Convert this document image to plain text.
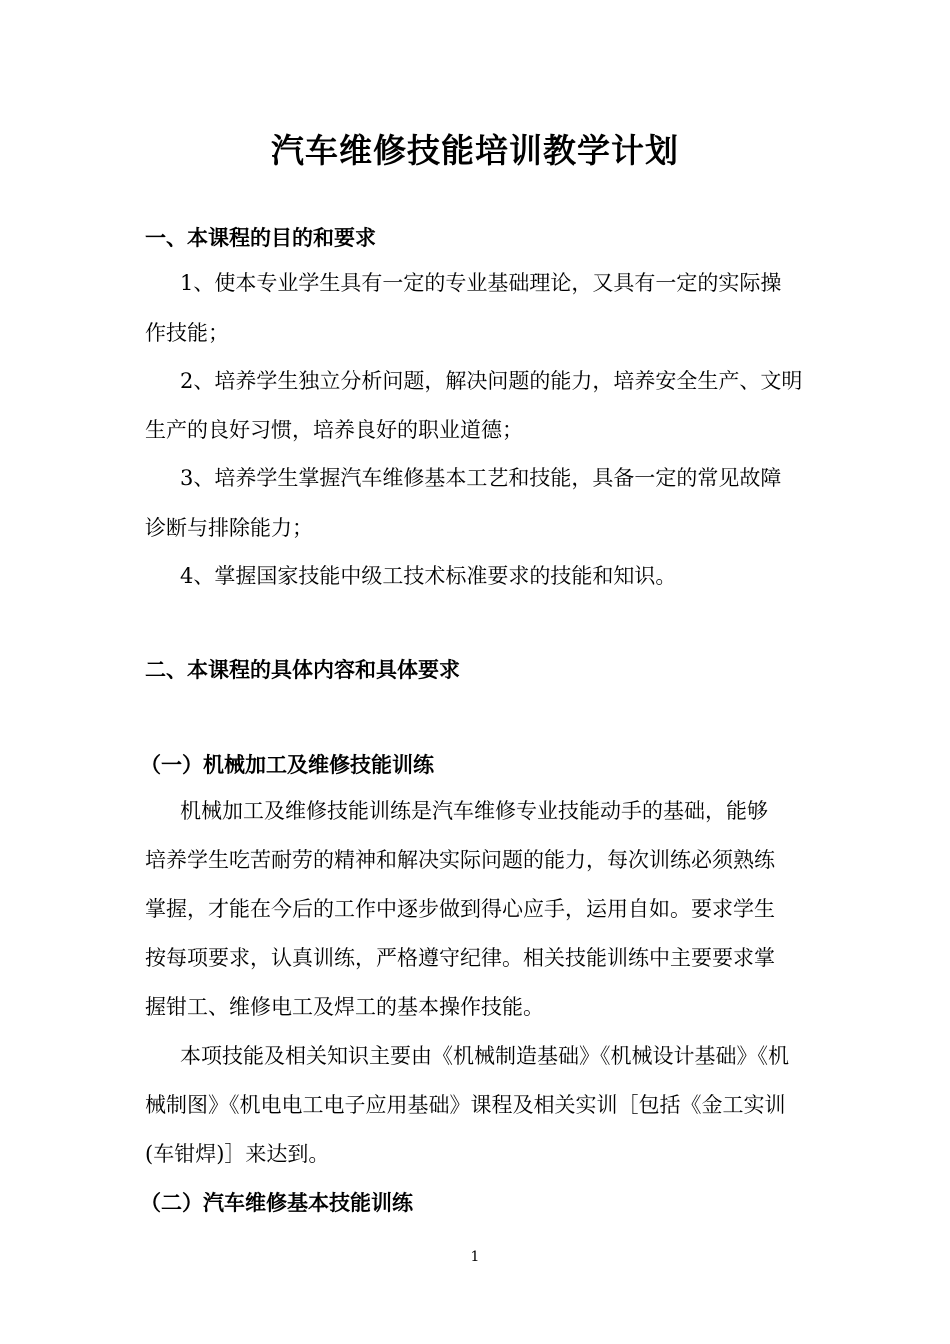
汽车维修技能培训教学计划
一、本课程的目的和要求
1、使本专业学生具有一定的专业基础理论，又具有一定的实际操
作技能；
2、培养学生独立分析问题，解决问题的能力，培养安全生产、文明
生产的良好习惯，培养良好的职业道德；
3、培养学生掌握汽车维修基本工艺和技能，具备一定的常见故障
诊断与排除能力；
4、掌握国家技能中级工技术标准要求的技能和知识。
二、本课程的具体内容和具体要求
（一）机械加工及维修技能训练
机械加工及维修技能训练是汽车维修专业技能动手的基础，能够
培养学生吃苦耐劳的精神和解决实际问题的能力，每次训练必须熟练
掌握，才能在今后的工作中逐步做到得心应手，运用自如。要求学生
按每项要求，认真训练，严格遵守纪律。相关技能训练中主要要求掌
握钳工、维修电工及焊工的基本操作技能。
本项技能及相关知识主要由《机械制造基础》《机械设计基础》《机
械制图》《机电电工电子应用基础》课程及相关实训［包括《金工实训
(车钳焊)］来达到。
（二）汽车维修基本技能训练
1
